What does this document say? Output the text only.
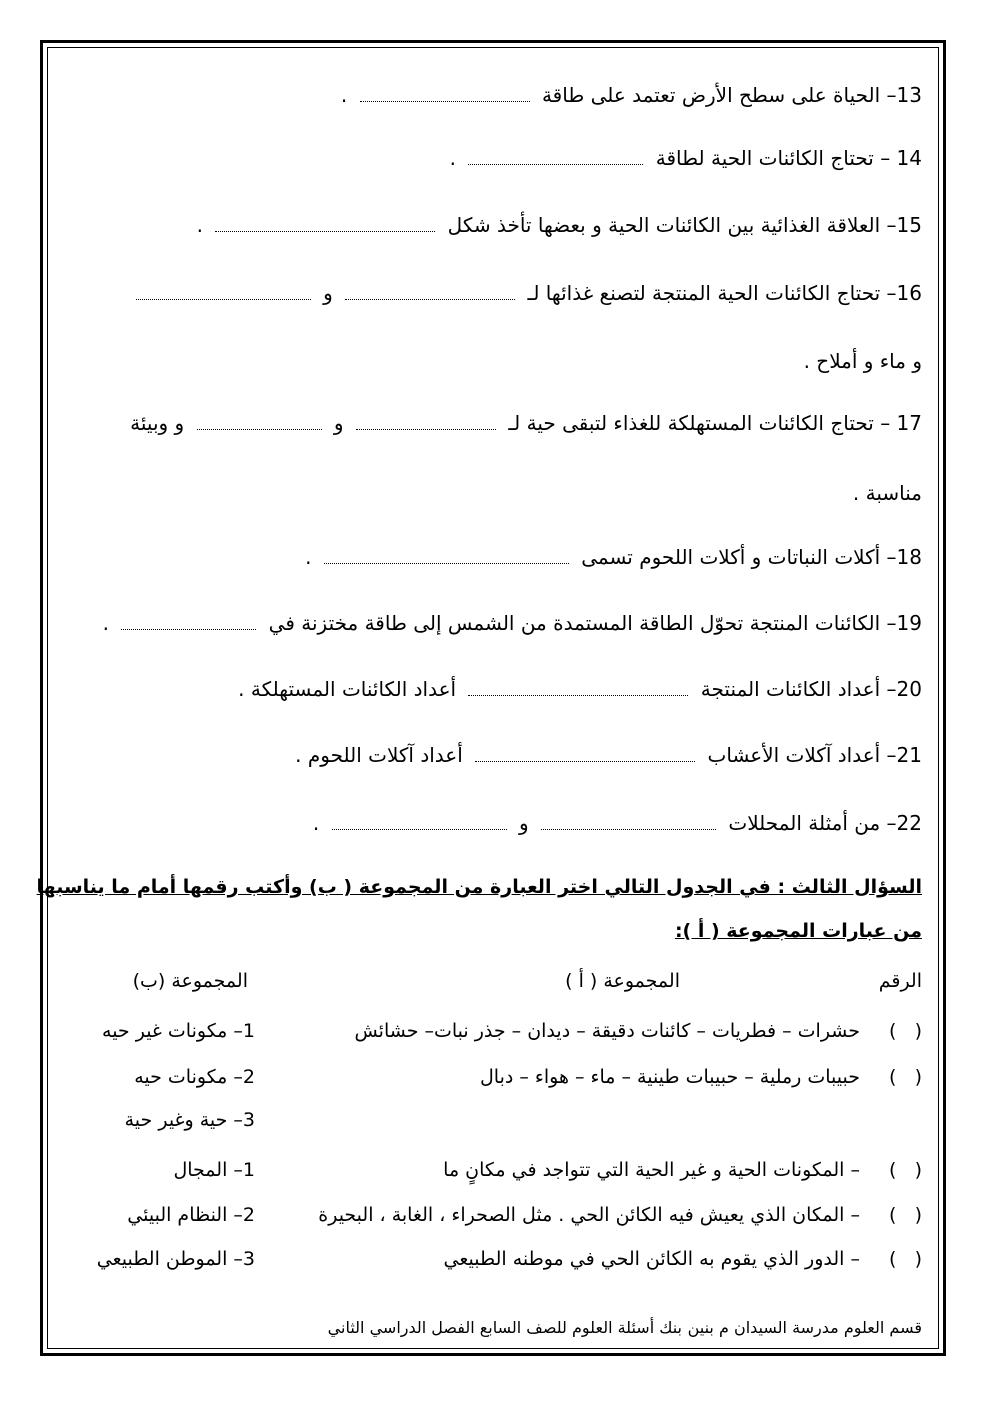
13– الحياة على سطح الأرض تعتمد على طاقة  .
14 – تحتاج الكائنات الحية لطاقة  .
15– العلاقة الغذائية بين الكائنات الحية و بعضها تأخذ شكل  .
16– تحتاج الكائنات الحية المنتجة لتصنع غذائها لـ  و
و ماء و أملاح .
17 – تحتاج الكائنات المستهلكة للغذاء لتبقى حية لـ  و  و وبيئة
مناسبة .
18– أكلات النباتات و أكلات اللحوم تسمى  .
19– الكائنات المنتجة تحوّل الطاقة المستمدة من الشمس إلى طاقة مختزنة في  .
20– أعداد الكائنات المنتجة  أعداد الكائنات المستهلكة .
21– أعداد آكلات الأعشاب  أعداد آكلات اللحوم .
22– من أمثلة المحللات  و  .
السؤال الثالث : في الجدول التالي اختر العبارة من المجموعة ( ب) وأكتب رقمها أمام ما يناسبها
من عبارات المجموعة ( أ ):
الرقم
المجموعة ( أ )
المجموعة (ب)
(   )
حشرات – فطريات – كائنات دقيقة – ديدان – جذر نبات– حشائش
1– مكونات غير حيه
(   )
حبيبات رملية – حبيبات طينية – ماء – هواء – دبال
2– مكونات حيه
3– حية وغير حية
(   )
– المكونات الحية و غير الحية التي تتواجد في مكانٍ ما
1– المجال
(   )
– المكان الذي يعيش فيه الكائن الحي . مثل الصحراء ، الغابة ، البحيرة
2– النظام البيئي
(   )
– الدور الذي يقوم به الكائن الحي في موطنه الطبيعي
3– الموطن الطبيعي
قسم العلوم مدرسة السيدان م بنين
بنك أسئلة العلوم للصف السابع الفصل الدراسي الثاني
